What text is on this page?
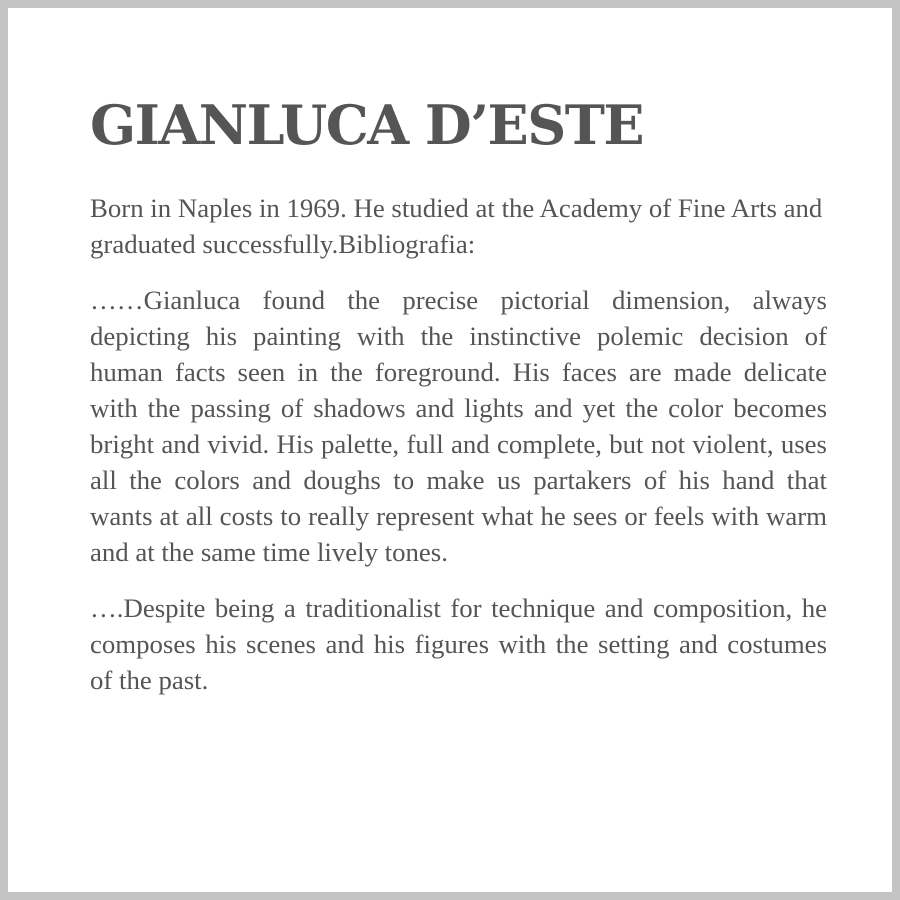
GIANLUCA D’ESTE

Born in Naples in 1969. He studied at the Academy of Fine Arts and graduated successfully.Bibliografia:

……Gianluca found the precise pictorial dimension, always depicting his painting with the instinctive polemic decision of human facts seen in the foreground. His faces are made delicate with the passing of shadows and lights and yet the color becomes bright and vivid. His palette, full and complete, but not violent, uses all the colors and doughs to make us partakers of his hand that wants at all costs to really represent what he sees or feels with warm and at the same time lively tones.

….Despite being a traditionalist for technique and composition, he composes his scenes and his figures with the setting and costumes of the past.
